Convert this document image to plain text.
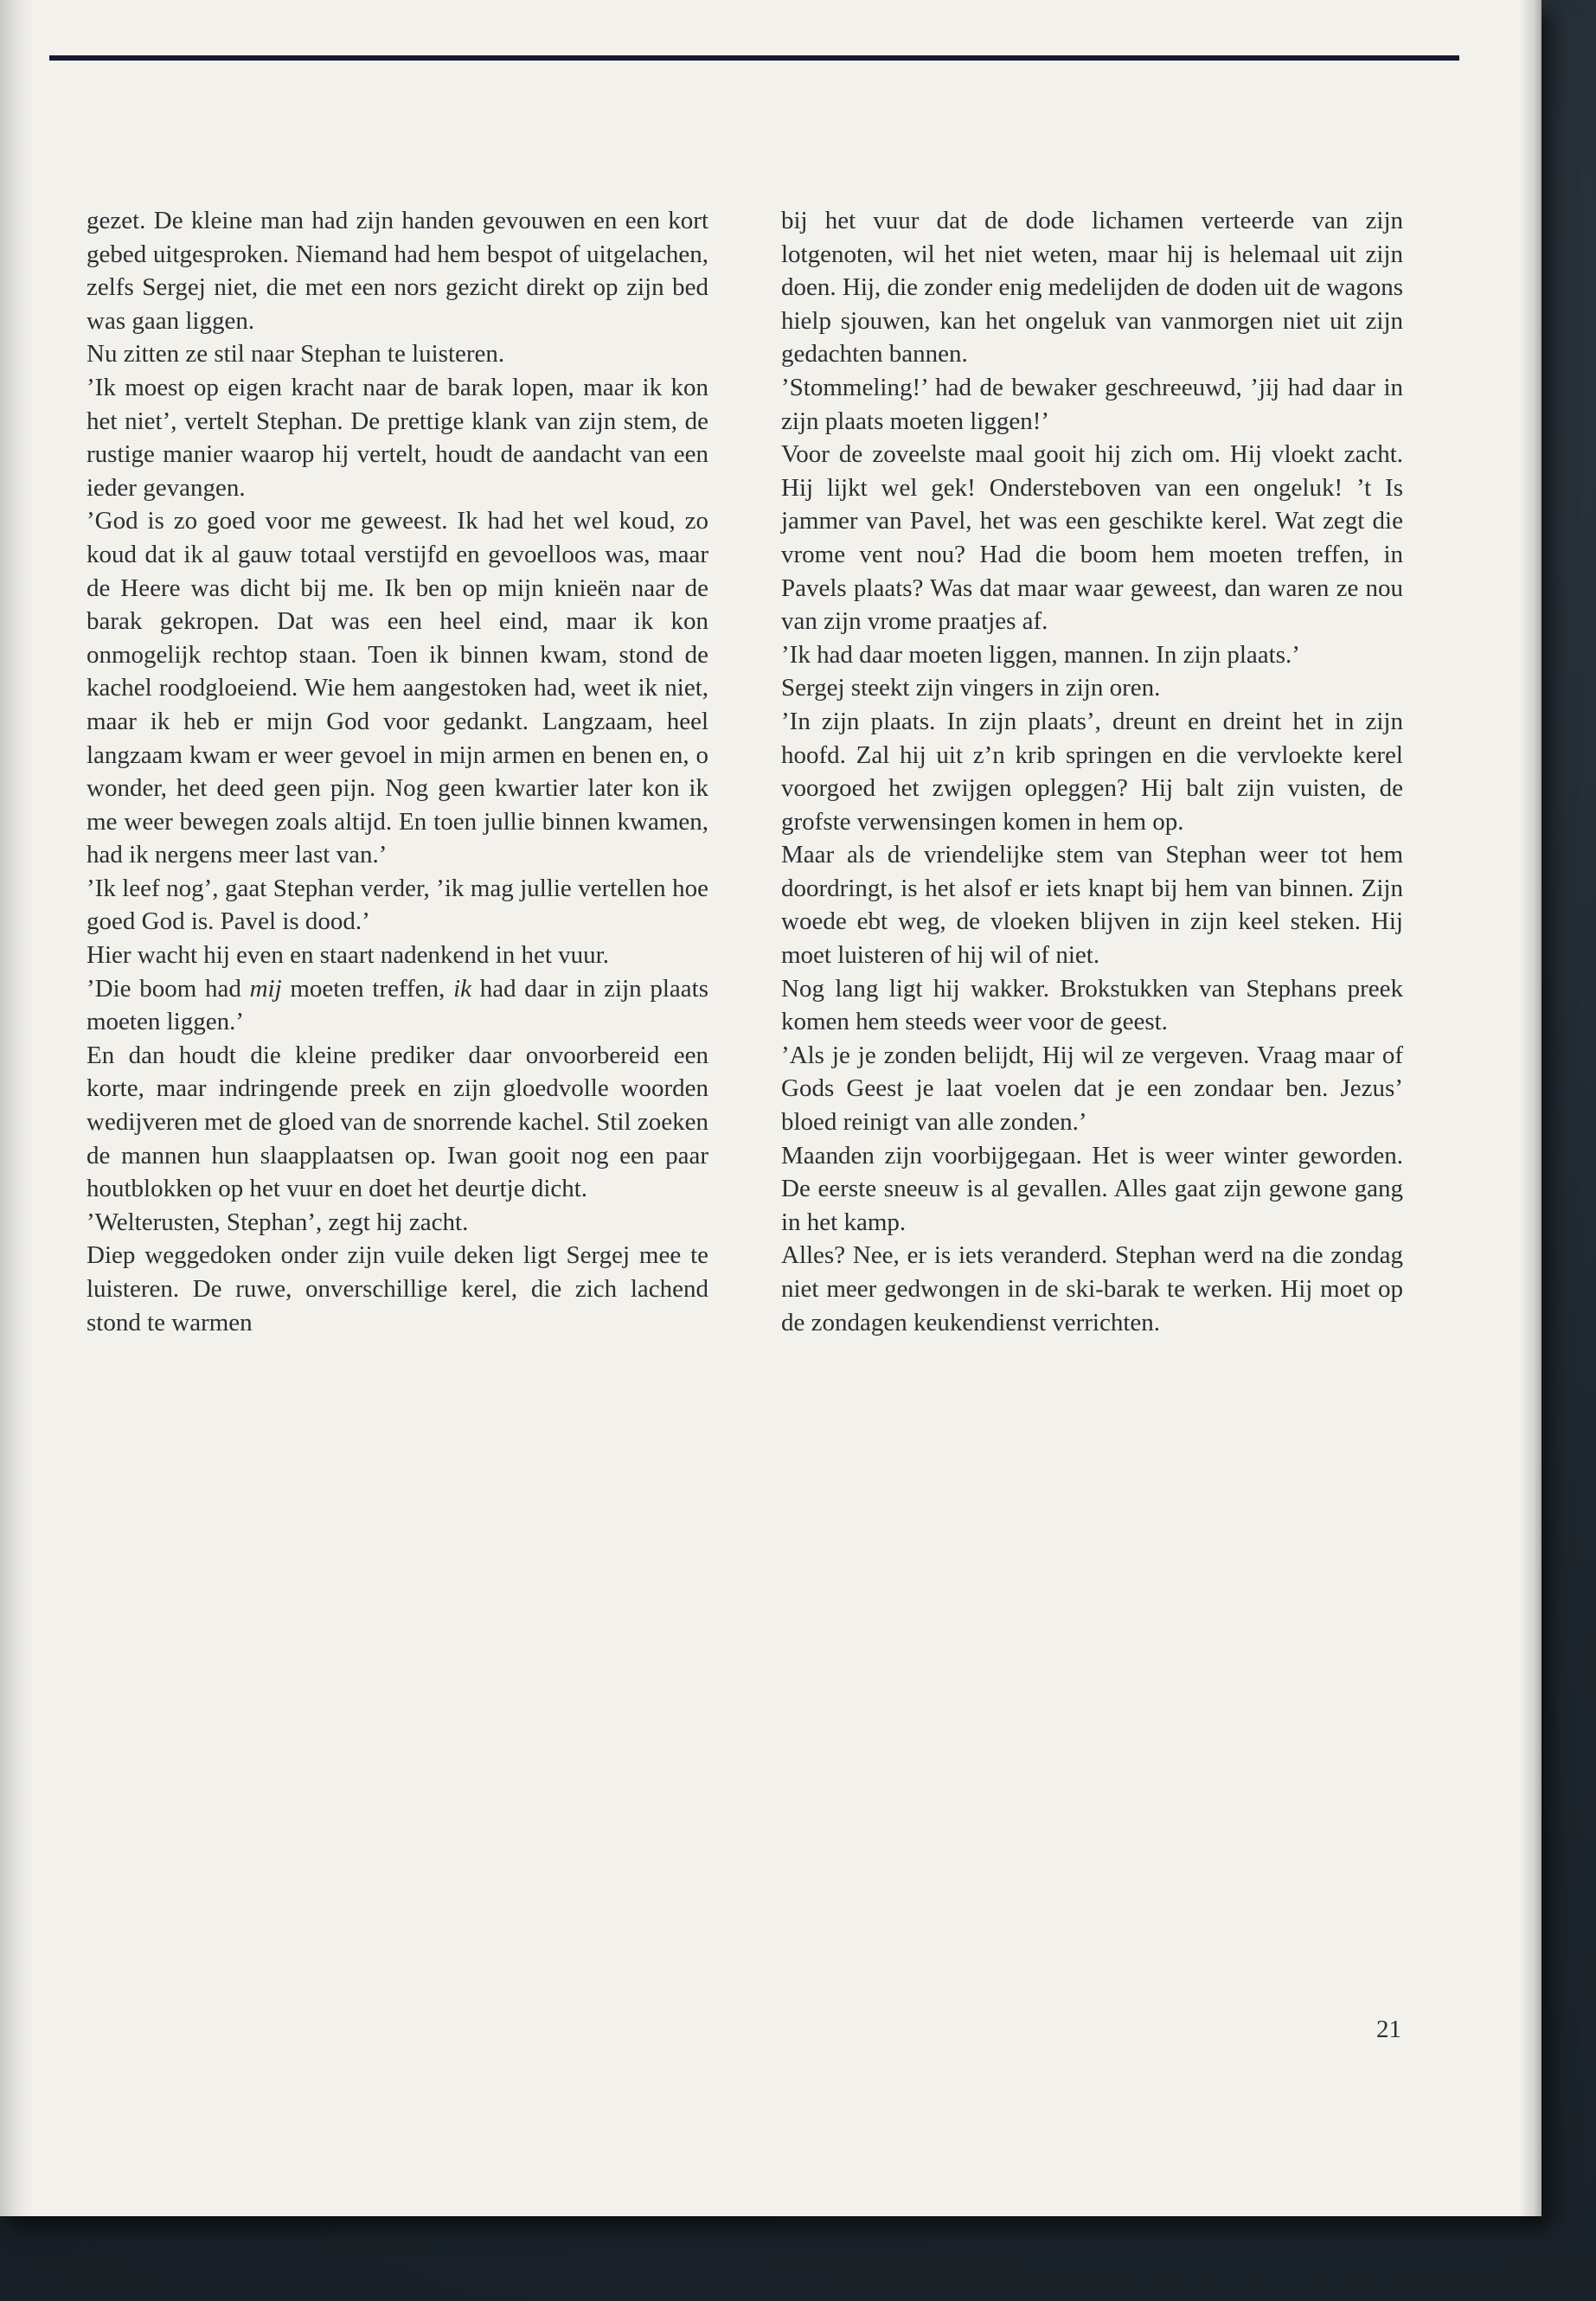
gezet. De kleine man had zijn handen gevouwen en een kort gebed uitgesproken. Niemand had hem bespot of uitgelachen, zelfs Sergej niet, die met een nors gezicht direkt op zijn bed was gaan liggen.

Nu zitten ze stil naar Stephan te luisteren.

’Ik moest op eigen kracht naar de barak lopen, maar ik kon het niet’, vertelt Stephan. De prettige klank van zijn stem, de rustige manier waarop hij vertelt, houdt de aandacht van een ieder gevangen.

’God is zo goed voor me geweest. Ik had het wel koud, zo koud dat ik al gauw totaal verstijfd en gevoelloos was, maar de Heere was dicht bij me. Ik ben op mijn knieën naar de barak gekropen. Dat was een heel eind, maar ik kon onmogelijk rechtop staan. Toen ik binnen kwam, stond de kachel roodgloeiend. Wie hem aangestoken had, weet ik niet, maar ik heb er mijn God voor gedankt. Langzaam, heel langzaam kwam er weer gevoel in mijn armen en benen en, o wonder, het deed geen pijn. Nog geen kwartier later kon ik me weer bewegen zoals altijd. En toen jullie binnen kwamen, had ik nergens meer last van.’

’Ik leef nog’, gaat Stephan verder, ’ik mag jullie vertellen hoe goed God is. Pavel is dood.’

Hier wacht hij even en staart nadenkend in het vuur.

’Die boom had mij moeten treffen, ik had daar in zijn plaats moeten liggen.’

En dan houdt die kleine prediker daar onvoorbereid een korte, maar indringende preek en zijn gloedvolle woorden wedijveren met de gloed van de snorrende kachel. Stil zoeken de mannen hun slaapplaatsen op. Iwan gooit nog een paar houtblokken op het vuur en doet het deurtje dicht.

’Welterusten, Stephan’, zegt hij zacht.

Diep weggedoken onder zijn vuile deken ligt Sergej mee te luisteren. De ruwe, onverschillige kerel, die zich lachend stond te warmen

bij het vuur dat de dode lichamen verteerde van zijn lotgenoten, wil het niet weten, maar hij is helemaal uit zijn doen. Hij, die zonder enig medelijden de doden uit de wagons hielp sjouwen, kan het ongeluk van vanmorgen niet uit zijn gedachten bannen.

’Stommeling!’ had de bewaker geschreeuwd, ’jij had daar in zijn plaats moeten liggen!’

Voor de zoveelste maal gooit hij zich om. Hij vloekt zacht. Hij lijkt wel gek! Ondersteboven van een ongeluk! ’t Is jammer van Pavel, het was een geschikte kerel. Wat zegt die vrome vent nou? Had die boom hem moeten treffen, in Pavels plaats? Was dat maar waar geweest, dan waren ze nou van zijn vrome praatjes af.

’Ik had daar moeten liggen, mannen. In zijn plaats.’

Sergej steekt zijn vingers in zijn oren.

’In zijn plaats. In zijn plaats’, dreunt en dreint het in zijn hoofd. Zal hij uit z’n krib springen en die vervloekte kerel voorgoed het zwijgen opleggen? Hij balt zijn vuisten, de grofste verwensingen komen in hem op.

Maar als de vriendelijke stem van Stephan weer tot hem doordringt, is het alsof er iets knapt bij hem van binnen. Zijn woede ebt weg, de vloeken blijven in zijn keel steken. Hij moet luisteren of hij wil of niet.

Nog lang ligt hij wakker. Brokstukken van Stephans preek komen hem steeds weer voor de geest.

’Als je je zonden belijdt, Hij wil ze vergeven. Vraag maar of Gods Geest je laat voelen dat je een zondaar ben. Jezus’ bloed reinigt van alle zonden.’

Maanden zijn voorbijgegaan. Het is weer winter geworden. De eerste sneeuw is al gevallen. Alles gaat zijn gewone gang in het kamp.

Alles? Nee, er is iets veranderd. Stephan werd na die zondag niet meer gedwongen in de ski-barak te werken. Hij moet op de zondagen keukendienst verrichten.

21
